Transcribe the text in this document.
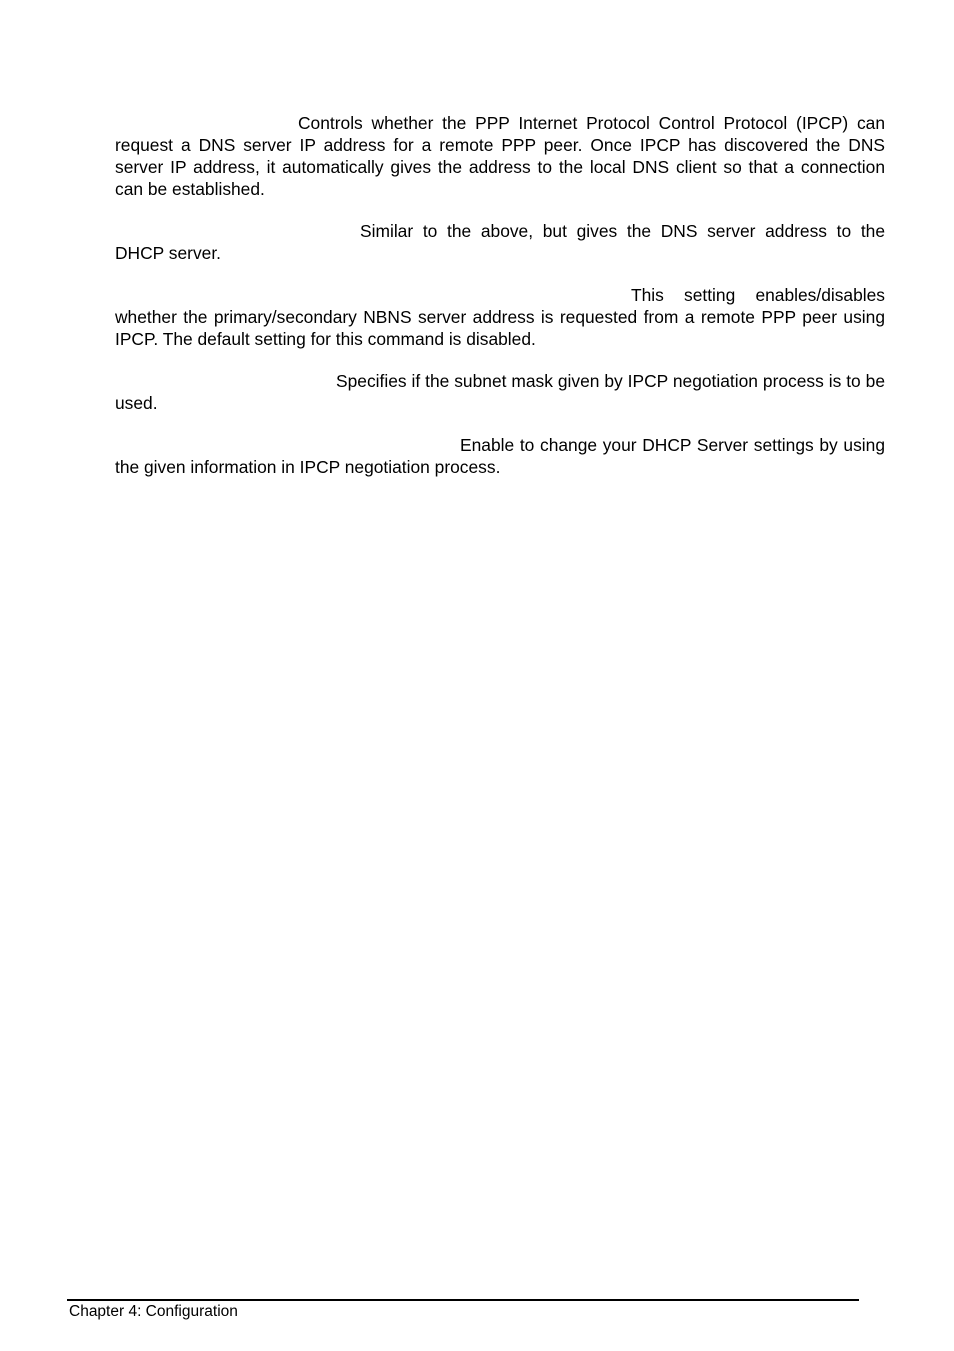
Controls whether the PPP Internet Protocol Control Protocol (IPCP) can request a DNS server IP address for a remote PPP peer. Once IPCP has discovered the DNS server IP address, it automatically gives the address to the local DNS client so that a connection can be established.

Similar to the above, but gives the DNS server address to the DHCP server.

This setting enables/disables whether the primary/secondary NBNS server address is requested from a remote PPP peer using IPCP. The default setting for this command is disabled.

Specifies if the subnet mask given by IPCP negotiation process is to be used.

Enable to change your DHCP Server settings by using the given information in IPCP negotiation process.

Chapter 4: Configuration
